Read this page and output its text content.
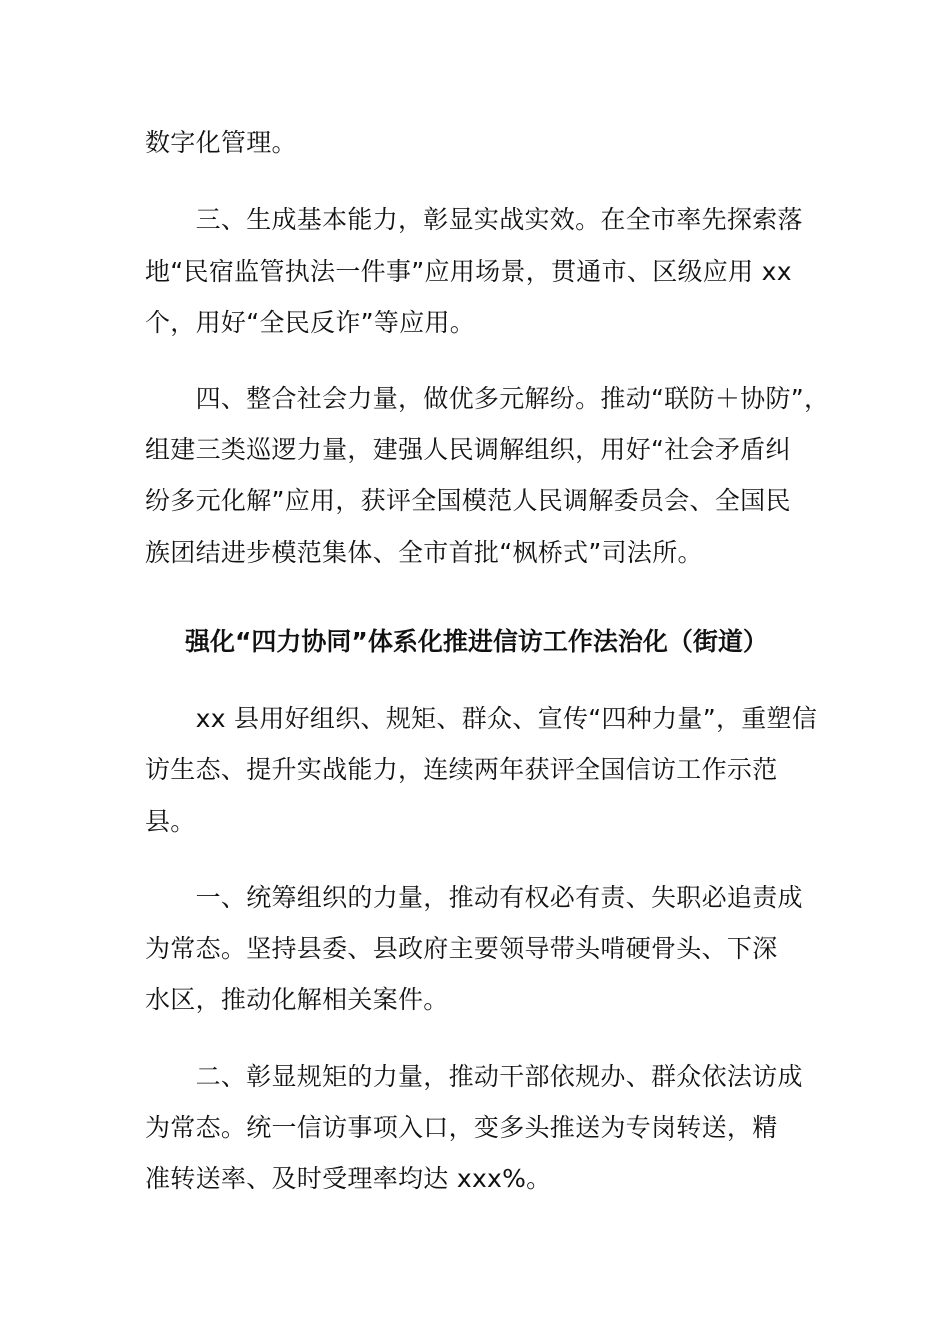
数字化管理。
　　三、生成基本能力，彰显实战实效。在全市率先探索落
地“民宿监管执法一件事”应用场景，贯通市、区级应用 xx
个，用好“全民反诈”等应用。
　　四、整合社会力量，做优多元解纷。推动“联防＋协防”，
组建三类巡逻力量，建强人民调解组织，用好“社会矛盾纠
纷多元化解”应用，获评全国模范人民调解委员会、全国民
族团结进步模范集体、全市首批“枫桥式”司法所。
强化“四力协同”体系化推进信访工作法治化（街道）
　　xx 县用好组织、规矩、群众、宣传“四种力量”，重塑信
访生态、提升实战能力，连续两年获评全国信访工作示范
县。
　　一、统筹组织的力量，推动有权必有责、失职必追责成
为常态。坚持县委、县政府主要领导带头啃硬骨头、下深
水区，推动化解相关案件。
　　二、彰显规矩的力量，推动干部依规办、群众依法访成
为常态。统一信访事项入口，变多头推送为专岗转送，精
准转送率、及时受理率均达 xxx%。
